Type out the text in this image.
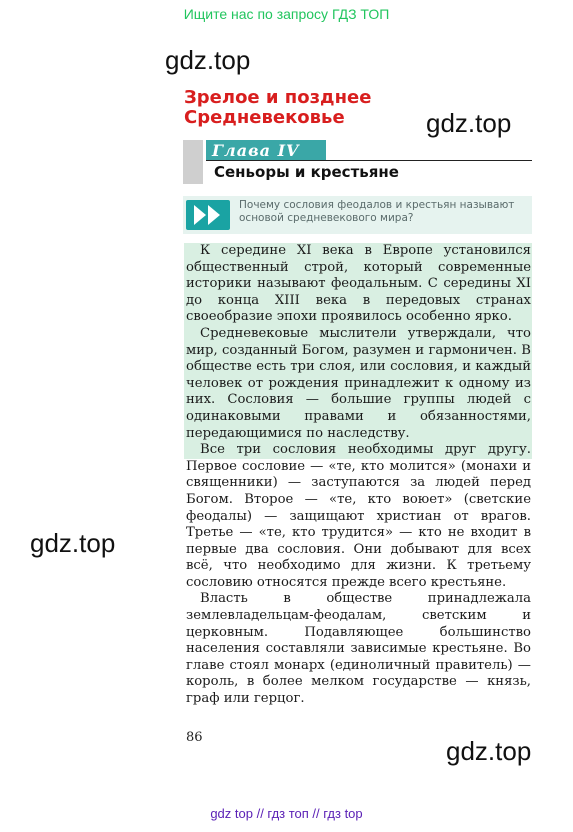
Ищите нас по запросу ГДЗ ТОП
gdz.top
gdz.top
gdz.top
gdz.top
Зрелое и позднее
Средневековье
Глава IV
Сеньоры и крестьяне
Почему сословия феодалов и крестьян называют основой средневекового мира?

К середине XI века в Европе установился общественный строй, который современные историки называют феодальным. С середины XI до конца XIII века в передовых странах своеобразие эпохи проявилось особенно ярко.

Средневековые мыслители утверждали, что мир, созданный Богом, разумен и гармоничен. В обществе есть три слоя, или сословия, и каждый человек от рождения принадлежит к одному из них. Сословия — большие группы людей с одинаковыми правами и обязанностями, передающимися по наследству.

Все три сословия необходимы друг другу. Первое сословие — «те, кто молится» (монахи и священники) — заступаются за людей перед Богом. Второе — «те, кто воюет» (светские феодалы) — защищают христиан от врагов. Третье — «те, кто трудится» — кто не входит в первые два сословия. Они добывают для всех всё, что необходимо для жизни. К третьему сословию относятся прежде всего крестьяне.

Власть в обществе принадлежала землевладельцам-феодалам, светским и церковным. Подавляющее большинство населения составляли зависимые крестьяне. Во главе стоял монарх (единоличный правитель) — король, в более мелком государстве — князь, граф или герцог.

86
gdz top // гдз топ // гдз top
